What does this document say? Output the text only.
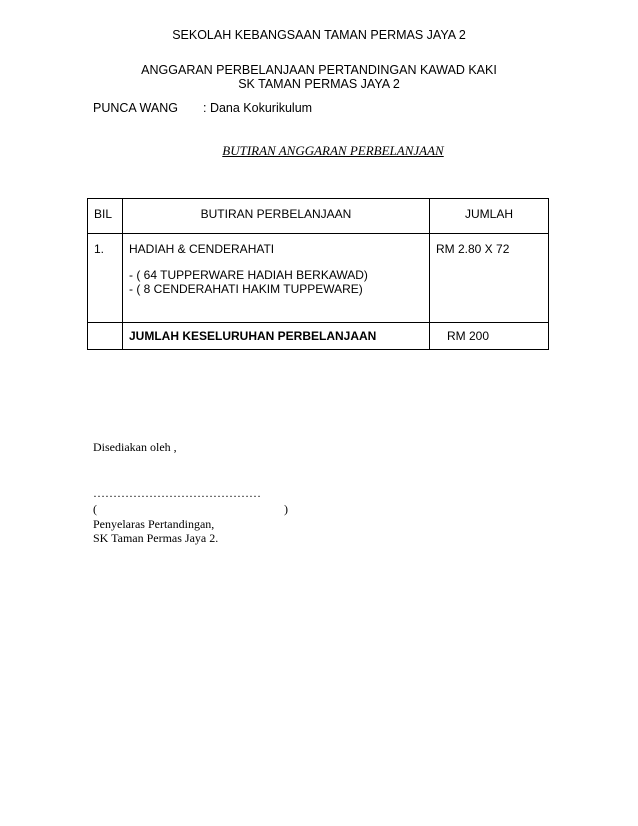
SEKOLAH KEBANGSAAN TAMAN PERMAS JAYA 2
ANGGARAN PERBELANJAAN PERTANDINGAN KAWAD KAKI
SK TAMAN PERMAS JAYA 2
PUNCA WANG : Dana Kokurikulum
BUTIRAN ANGGARAN PERBELANJAAN
BIL	BUTIRAN PERBELANJAAN	JUMLAH
1.	HADIAH & CENDERAHATI
- ( 64 TUPPERWARE HADIAH BERKAWAD)
- ( 8 CENDERAHATI HAKIM TUPPEWARE)	RM 2.80 X 72
	JUMLAH KESELURUHAN PERBELANJAAN	RM 200
Disediakan oleh ,
……………………………………
(	)
Penyelaras Pertandingan,
SK Taman Permas Jaya 2.
